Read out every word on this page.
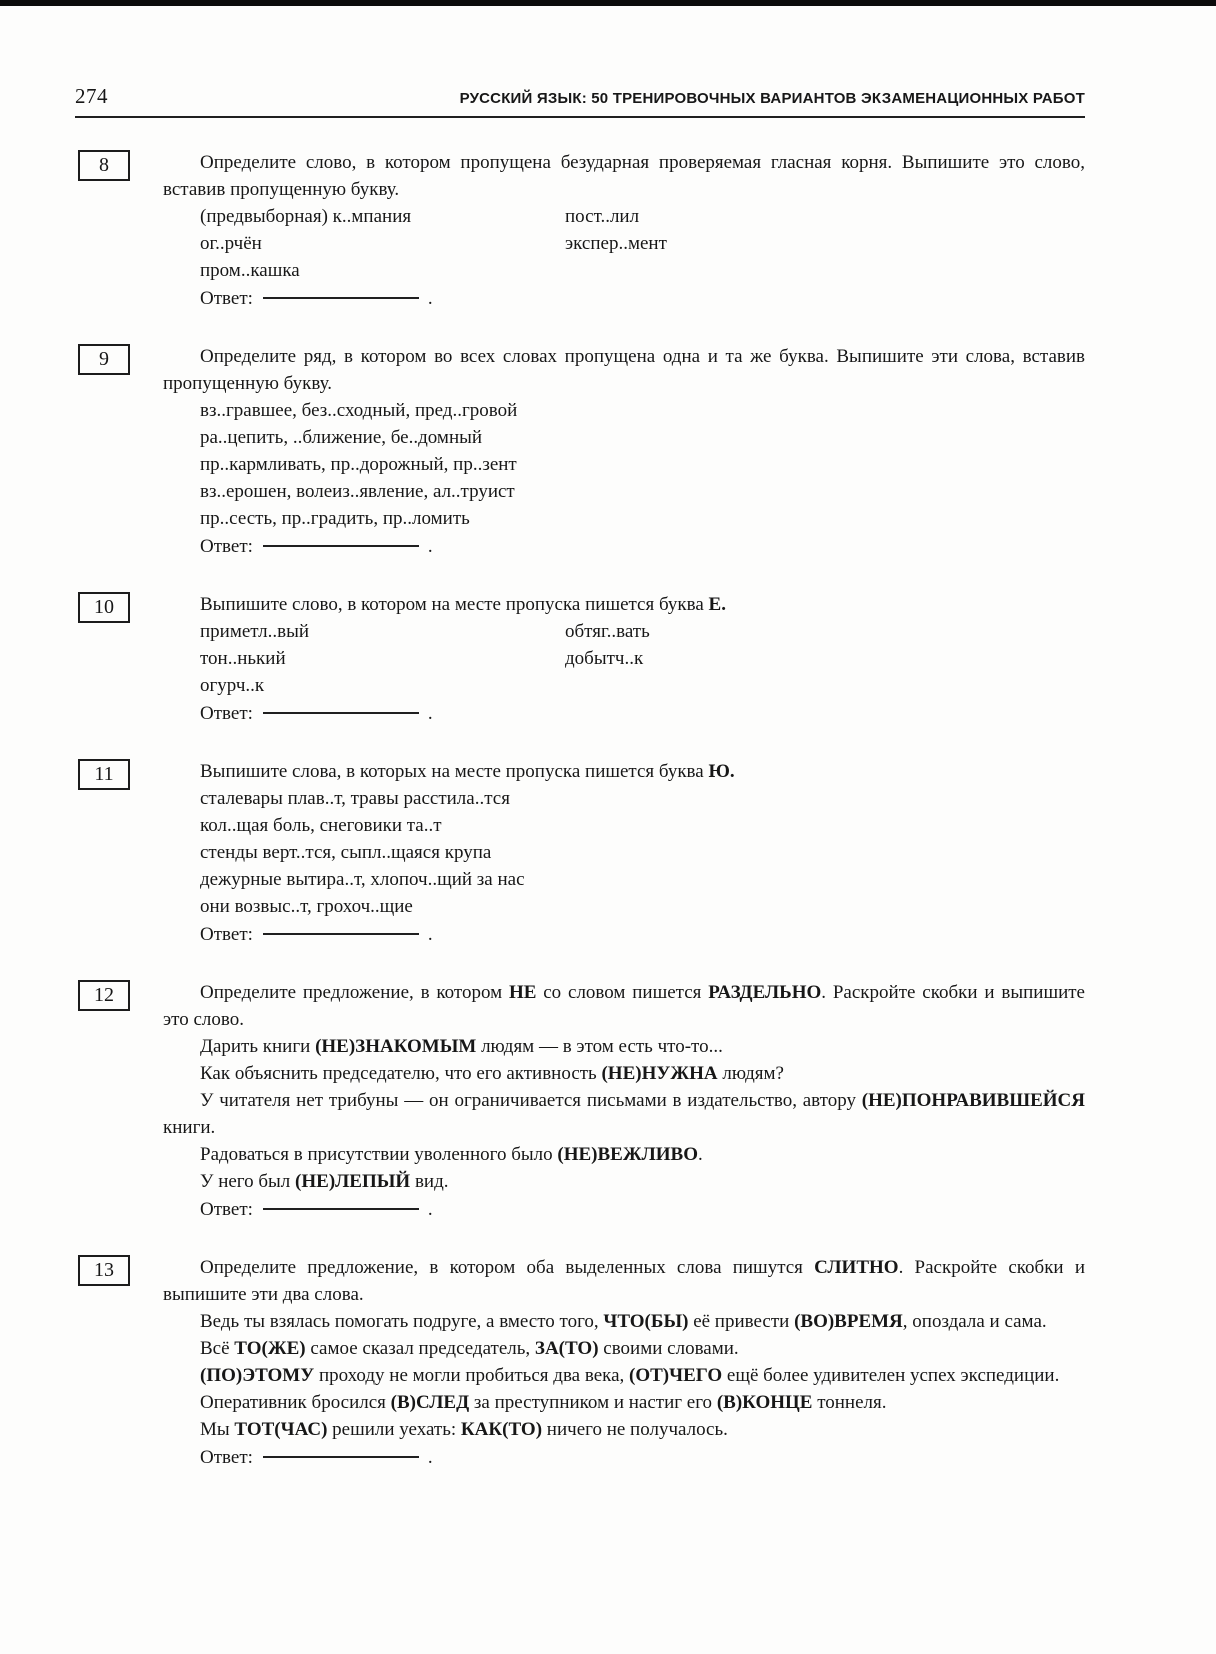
274	РУССКИЙ ЯЗЫК: 50 ТРЕНИРОВОЧНЫХ ВАРИАНТОВ ЭКЗАМЕНАЦИОННЫХ РАБОТ
8	Определите слово, в котором пропущена безударная проверяемая гласная корня. Выпишите это слово, вставив пропущенную букву.

(предвыборная) к..мпания	пост..лил
ог..рчён	экспер..мент
пром..кашка

Ответ:	.

9	Определите ряд, в котором во всех словах пропущена одна и та же буква. Выпишите эти слова, вставив пропущенную букву.

вз..гравшее, без..сходный, пред..гровой
ра..цепить, ..ближение, бе..домный
пр..кармливать, пр..дорожный, пр..зент
вз..ерошен, волеиз..явление, ал..труист
пр..сесть, пр..градить, пр..ломить

Ответ:	.

10	Выпишите слово, в котором на месте пропуска пишется буква Е.

приметл..вый	обтяг..вать
тон..нький	добытч..к
огурч..к

Ответ:	.

11	Выпишите слова, в которых на месте пропуска пишется буква Ю.

сталевары плав..т, травы расстила..тся
кол..щая боль, снеговики та..т
стенды верт..тся, сыпл..щаяся крупа
дежурные вытира..т, хлопоч..щий за нас
они возвыс..т, грохоч..щие

Ответ:	.

12	Определите предложение, в котором НЕ со словом пишется РАЗДЕЛЬНО. Раскройте скобки и выпишите это слово.

Дарить книги (НЕ)ЗНАКОМЫМ людям — в этом есть что-то...

Как объяснить председателю, что его активность (НЕ)НУЖНА людям?

У читателя нет трибуны — он ограничивается письмами в издательство, автору (НЕ)ПОНРАВИВШЕЙСЯ книги.

Радоваться в присутствии уволенного было (НЕ)ВЕЖЛИВО.

У него был (НЕ)ЛЕПЫЙ вид.

Ответ:	.

13	Определите предложение, в котором оба выделенных слова пишутся СЛИТНО. Раскройте скобки и выпишите эти два слова.

Ведь ты взялась помогать подруге, а вместо того, ЧТО(БЫ) её привести (ВО)ВРЕМЯ, опоздала и сама.

Всё ТО(ЖЕ) самое сказал председатель, ЗА(ТО) своими словами.

(ПО)ЭТОМУ проходу не могли пробиться два века, (ОТ)ЧЕГО ещё более удивителен успех экспедиции.

Оперативник бросился (В)СЛЕД за преступником и настиг его (В)КОНЦЕ тоннеля.

Мы ТОТ(ЧАС) решили уехать: КАК(ТО) ничего не получалось.

Ответ:	.
